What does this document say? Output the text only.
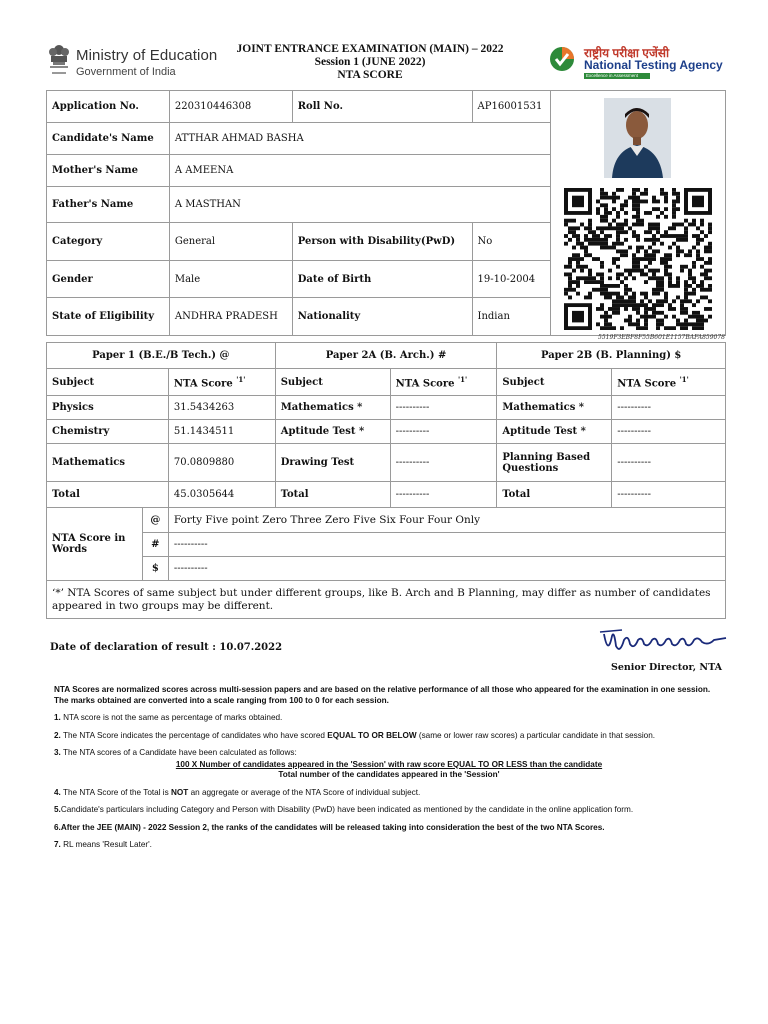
Ministry of Education
Government of India
JOINT ENTRANCE EXAMINATION (MAIN) – 2022
Session 1 (JUNE 2022)
NTA SCORE
राष्ट्रीय परीक्षा एजेंसी
National Testing Agency
Excellence in Assessment
Application No.	220310446308	Roll No.	AP16001531	
Candidate's Name	ATTHAR AHMAD BASHA			
Mother's Name	A AMEENA			
Father's Name	A MASTHAN			
Category	General	Person with Disability(PwD)	No	
Gender	Male	Date of Birth	19-10-2004	
State of Eligibility	ANDHRA PRADESH	Nationality	Indian	
5519F3EBF8F55B601E1157BAFA859078
Paper 1 (B.E./B Tech.) @			Paper 2A (B. Arch.) #		Paper 2B (B. Planning) $	
Subject		NTA Score $^{'1'}$	Subject	NTA Score $^{'1'}$	Subject	NTA Score $^{'1'}$
Physics		31.5434263	Mathematics *	----------	Mathematics *	----------
Chemistry		51.1434511	Aptitude Test *	----------	Aptitude Test *	----------
Mathematics		70.0809880	Drawing Test	----------	Planning Based Questions	----------
Total		45.0305644	Total	----------	Total	----------
NTA Score in Words	@	Forty Five point Zero Three Zero Five Six Four Four Only				
	#	----------				
	$	----------				
‘*’ NTA Scores of same subject but under different groups, like B. Arch and B Planning, may differ as number of candidates appeared in two groups may be different.						
Date of declaration of result : 10.07.2022
Senior Director, NTA

NTA Scores are normalized scores across multi-session papers and are based on the relative performance of all those who appeared for the examination in one session. The marks obtained are converted into a scale ranging from 100 to 0 for each session.

1. NTA score is not the same as percentage of marks obtained.

2. The NTA Score indicates the percentage of candidates who have scored EQUAL TO OR BELOW (same or lower raw scores) a particular candidate in that session.

3. The NTA scores of a Candidate have been calculated as follows:

100 X Number of candidates appeared in the 'Session' with raw score EQUAL TO OR LESS than the candidate
Total number of the candidates appeared in the 'Session'

4. The NTA Score of the Total is NOT an aggregate or average of the NTA Score of individual subject.

5.Candidate's particulars including Category and Person with Disability (PwD) have been indicated as mentioned by the candidate in the online application form.

6.After the JEE (MAIN) - 2022 Session 2, the ranks of the candidates will be released taking into consideration the best of the two NTA Scores.

7. RL means 'Result Later'.
